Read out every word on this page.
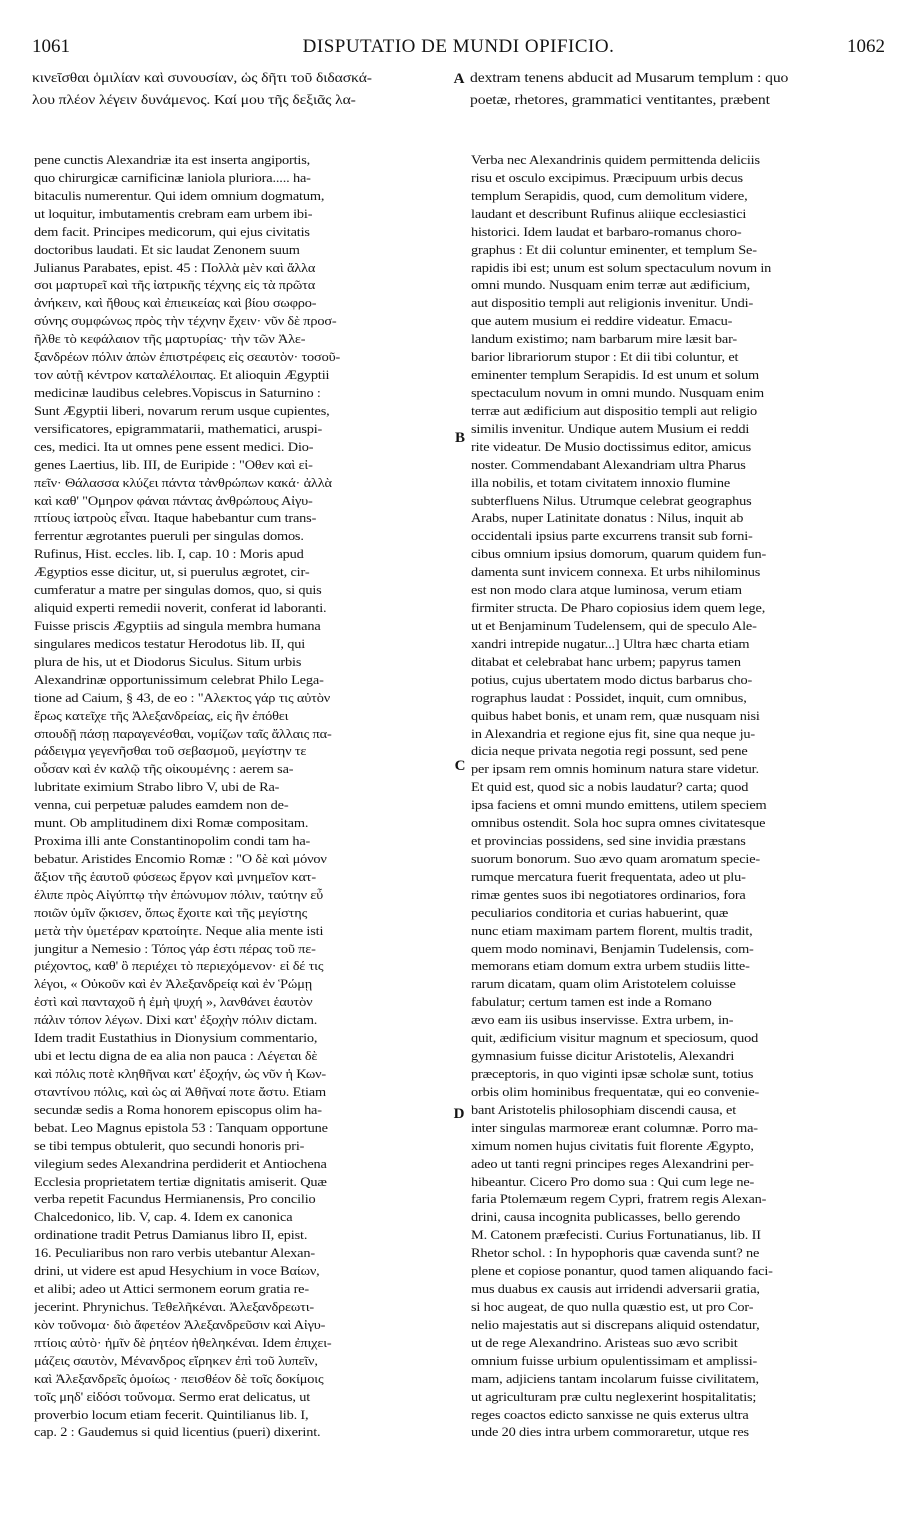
1061	DISPUTATIO DE MUNDI OPIFICIO.	1062
κινεῖσθαι ὁμιλίαν καὶ συνουσίαν, ὡς δῆτι τοῦ διδασκά-
λου πλέον λέγειν δυνάμενος. Καί μου τῆς δεξιᾶς λα-
dextram tenens abducit ad Musarum templum : quo
poetæ, rhetores, grammatici ventitantes, præbent
pene cunctis Alexandriæ ita est inserta angiportis,
quo chirurgicæ carnificinæ laniola pluriora..... ha-
bitaculis numerentur. Qui idem omnium dogmatum,
ut loquitur, imbutamentis crebram eam urbem ibi-
dem facit. Principes medicorum, qui ejus civitatis
doctoribus laudati. Et sic laudat Zenonem suum
Julianus Parabates, epist. 45 : Πολλὰ μὲν καὶ ἄλλα
σοι μαρτυρεῖ καὶ τῆς ἰατρικῆς τέχνης εἰς τὰ πρῶτα
ἀνήκειν, καὶ ἤθους καὶ ἐπιεικείας καὶ βίου σωφρο-
σύνης συμφώνως πρὸς τὴν τέχνην ἔχειν· νῦν δὲ προσ-
ῆλθε τὸ κεφάλαιον τῆς μαρτυρίας· τὴν τῶν Ἀλε-
ξανδρέων πόλιν ἀπὼν ἐπιστρέφεις εἰς σεαυτὸν· τοσοῦ-
τον αὐτῇ κέντρον καταλέλοιπας. Et alioquin Ægyptii
medicinæ laudibus celebres.Vopiscus in Saturnino :
Sunt Ægyptii liberi, novarum rerum usque cupientes,
versificatores, epigrammatarii, mathematici, aruspi-
ces, medici. Ita ut omnes pene essent medici. Dio-
genes Laertius, lib. III, de Euripide : "Οθεν καὶ εἰ-
πεῖν· Θάλασσα κλύζει πάντα τἀνθρώπων κακά· ἀλλὰ
καὶ καθ' "Ομηρον φάναι πάντας ἀνθρώπους Αἰγυ-
πτίους ἰατροὺς εἶναι. Itaque habebantur cum trans-
ferrentur ægrotantes pueruli per singulas domos.
Rufinus, Hist. eccles. lib. I, cap. 10 : Moris apud
Ægyptios esse dicitur, ut, si puerulus ægrotet, cir-
cumferatur a matre per singulas domos, quo, si quis
aliquid experti remedii noverit, conferat id laboranti.
Fuisse priscis Ægyptiis ad singula membra humana
singulares medicos testatur Herodotus lib. II, qui
plura de his, ut et Diodorus Siculus. Situm urbis
Alexandrinæ opportunissimum celebrat Philo Lega-
tione ad Caium, § 43, de eo : "Αλεκτος γάρ τις αὐτὸν
ἔρως κατεῖχε τῆς Ἀλεξανδρείας, εἰς ἣν ἐπόθει
σπουδῇ πάσῃ παραγενέσθαι, νομίζων ταῖς ἄλλαις πα-
ράδειγμα γεγενῆσθαι τοῦ σεβασμοῦ, μεγίστην τε
οὖσαν καὶ ἐν καλῷ τῆς οἰκουμένης : aerem sa-
lubritate eximium Strabo libro V, ubi de Ra-
venna, cui perpetuæ paludes eamdem non de-
munt. Ob amplitudinem dixi Romæ compositam.
Proxima illi ante Constantinopolim condi tam ha-
bebatur. Aristides Encomio Romæ : "Ο δὲ καὶ μόνον
ἄξιον τῆς ἑαυτοῦ φύσεως ἔργον καὶ μνημεῖον κατ-
έλιπε πρὸς Αἰγύπτῳ τὴν ἐπώνυμον πόλιν, ταύτην εὖ
ποιῶν ὑμῖν ᾤκισεν, ὅπως ἔχοιτε καὶ τῆς μεγίστης
μετὰ τὴν ὑμετέραν κρατοίητε. Neque alia mente isti
jungitur a Nemesio : Τόπος γάρ ἐστι πέρας τοῦ πε-
ριέχοντος, καθ' ὃ περιέχει τὸ περιεχόμενον· εἰ δέ τις
λέγοι, « Οὐκοῦν καὶ ἐν Ἀλεξανδρείᾳ καὶ ἐν Ῥώμῃ
ἐστὶ καὶ πανταχοῦ ἡ ἐμὴ ψυχή », λανθάνει ἑαυτὸν
πάλιν τόπον λέγων. Dixi κατ' ἐξοχὴν πόλιν dictam.
Idem tradit Eustathius in Dionysium commentario,
ubi et lectu digna de ea alia non pauca : Λέγεται δὲ
καὶ πόλις ποτὲ κληθῆναι κατ' ἐξοχήν, ὡς νῦν ἡ Κων-
σταντίνου πόλις, καὶ ὡς αἱ Ἀθῆναί ποτε ἄστυ. Etiam
secundæ sedis a Roma honorem episcopus olim ha-
bebat. Leo Magnus epistola 53 : Tanquam opportune
se tibi tempus obtulerit, quo secundi honoris pri-
vilegium sedes Alexandrina perdiderit et Antiochena
Ecclesia proprietatem tertiæ dignitatis amiserit. Quæ
verba repetit Facundus Hermianensis, Pro concilio
Chalcedonico, lib. V, cap. 4. Idem ex canonica
ordinatione tradit Petrus Damianus libro II, epist.
16. Peculiaribus non raro verbis utebantur Alexan-
drini, ut videre est apud Hesychium in voce Βαίων,
et alibi; adeo ut Attici sermonem eorum gratia re-
jecerint. Phrynichus. Τεθελῆκέναι. Ἀλεξανδρεωτι-
κὸν τοὔνομα· διὸ ἄφετέον Ἀλεξανδρεῦσιν καὶ Αἰγυ-
πτίοις αὐτὸ· ἡμῖν δὲ ῥητέον ἠθεληκέναι. Idem ἐπιχει-
μάζεις σαυτὸν, Μένανδρος εἴρηκεν ἐπὶ τοῦ λυπεῖν,
καὶ Ἀλεξανδρεῖς ὁμοίως · πεισθέον δὲ τοῖς δοκίμοις
τοῖς μηδ' εἰδόσι τοὔνομα. Sermo erat delicatus, ut
proverbio locum etiam fecerit. Quintilianus lib. I,
cap. 2 : Gaudemus si quid licentius (pueri) dixerint.
Verba nec Alexandrinis quidem permittenda deliciis
risu et osculo excipimus. Præcipuum urbis decus
templum Serapidis, quod, cum demolitum videre,
laudant et describunt Rufinus aliique ecclesiastici
historici. Idem laudat et barbaro-romanus choro-
graphus : Et dii coluntur eminenter, et templum Se-
rapidis ibi est; unum est solum spectaculum novum in
omni mundo. Nusquam enim terræ aut ædificium,
aut dispositio templi aut religionis invenitur. Undi-
que autem musium ei reddire videatur. Emacu-
landum existimo; nam barbarum mire læsit bar-
barior librariorum stupor : Et dii tibi coluntur, et
eminenter templum Serapidis. Id est unum et solum
spectaculum novum in omni mundo. Nusquam enim
terræ aut ædificium aut dispositio templi aut religio
similis invenitur. Undique autem Musium ei reddi
rite videatur. De Musio doctissimus editor, amicus
noster. Commendabant Alexandriam ultra Pharus
illa nobilis, et totam civitatem innoxio flumine
subterfluens Nilus. Utrumque celebrat geographus
Arabs, nuper Latinitate donatus : Nilus, inquit ab
occidentali ipsius parte excurrens transit sub forni-
cibus omnium ipsius domorum, quarum quidem fun-
damenta sunt invicem connexa. Et urbs nihilominus
est non modo clara atque luminosa, verum etiam
firmiter structa. De Pharo copiosius idem quem lege,
ut et Benjaminum Tudelensem, qui de speculo Ale-
xandri intrepide nugatur...] Ultra hæc charta etiam
ditabat et celebrabat hanc urbem; papyrus tamen
potius, cujus ubertatem modo dictus barbarus cho-
rographus laudat : Possidet, inquit, cum omnibus,
quibus habet bonis, et unam rem, quæ nusquam nisi
in Alexandria et regione ejus fit, sine qua neque ju-
dicia neque privata negotia regi possunt, sed pene
per ipsam rem omnis hominum natura stare videtur.
Et quid est, quod sic a nobis laudatur? carta; quod
ipsa faciens et omni mundo emittens, utilem speciem
omnibus ostendit. Sola hoc supra omnes civitatesque
et provincias possidens, sed sine invidia præstans
suorum bonorum. Suo ævo quam aromatum specie-
rumque mercatura fuerit frequentata, adeo ut plu-
rimæ gentes suos ibi negotiatores ordinarios, fora
peculiarios conditoria et curias habuerint, quæ
nunc etiam maximam partem florent, multis tradit,
quem modo nominavi, Benjamin Tudelensis, com-
memorans etiam domum extra urbem studiis litte-
rarum dicatam, quam olim Aristotelem coluisse
fabulatur; certum tamen est inde a Romano
ævo eam iis usibus inservisse. Extra urbem, in-
quit, ædificium visitur magnum et speciosum, quod
gymnasium fuisse dicitur Aristotelis, Alexandri
præceptoris, in quo viginti ipsæ scholæ sunt, totius
orbis olim hominibus frequentatæ, qui eo convenie-
bant Aristotelis philosophiam discendi causa, et
inter singulas marmoreæ erant columnæ. Porro ma-
ximum nomen hujus civitatis fuit florente Ægypto,
adeo ut tanti regni principes reges Alexandrini per-
hibeantur. Cicero Pro domo sua : Qui cum lege ne-
faria Ptolemæum regem Cypri, fratrem regis Alexan-
drini, causa incognita publicasses, bello gerendo
M. Catonem præfecisti. Curius Fortunatianus, lib. II
Rhetor schol. : In hypophoris quæ cavenda sunt? ne
plene et copiose ponantur, quod tamen aliquando faci-
mus duabus ex causis aut irridendi adversarii gratia,
si hoc augeat, de quo nulla quæstio est, ut pro Cor-
nelio majestatis aut si discrepans aliquid ostendatur,
ut de rege Alexandrino. Aristeas suo ævo scribit
omnium fuisse urbium opulentissimam et amplissi-
mam, adjiciens tantam incolarum fuisse civilitatem,
ut agriculturam præ cultu neglexerint hospitalitatis;
reges coactos edicto sanxisse ne quis exterus ultra
unde 20 dies intra urbem commoraretur, utque res
A
B
C
D
